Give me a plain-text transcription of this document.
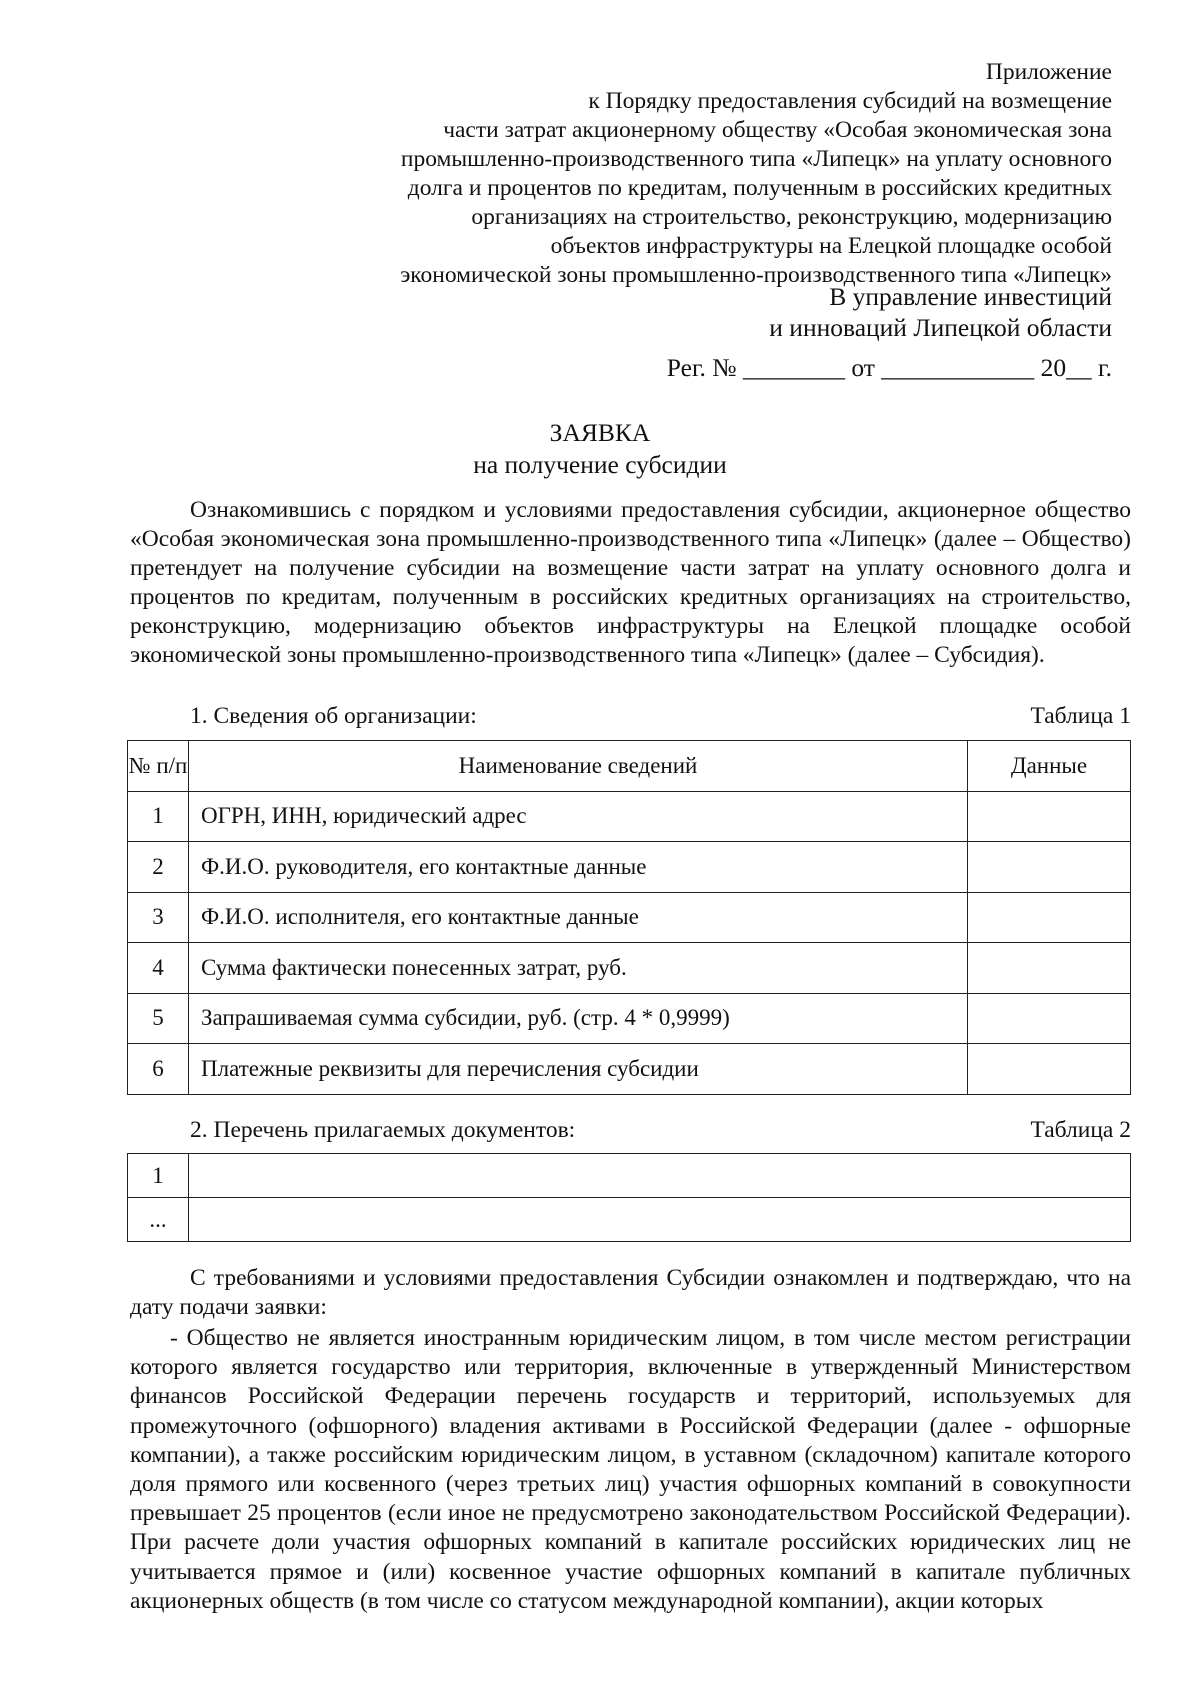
Приложение
к Порядку предоставления субсидий на возмещение
части затрат акционерному обществу «Особая экономическая зона
промышленно-производственного типа «Липецк» на уплату основного
долга и процентов по кредитам, полученным в российских кредитных
организациях на строительство, реконструкцию, модернизацию
объектов инфраструктуры на Елецкой площадке особой
экономической зоны промышленно-производственного типа «Липецк»
В управление инвестиций
и инноваций Липецкой области
Рег. № ________ от ____________ 20__ г.
ЗАЯВКА
на получение субсидии

Ознакомившись с порядком и условиями предоставления субсидии, акционерное общество «Особая экономическая зона промышленно-производственного типа «Липецк» (далее – Общество) претендует на получение субсидии на возмещение части затрат на уплату основного долга и процентов по кредитам, полученным в российских кредитных организациях на строительство, реконструкцию, модернизацию объектов инфраструктуры на Елецкой площадке особой экономической зоны промышленно-производственного типа «Липецк» (далее – Субсидия).

1. Сведения об организации:	Таблица 1
№ п/п	Наименование сведений	Данные
1	ОГРН, ИНН, юридический адрес	
2	Ф.И.О. руководителя, его контактные данные	
3	Ф.И.О. исполнителя, его контактные данные	
4	Сумма фактически понесенных затрат, руб.	
5	Запрашиваемая сумма субсидии, руб. (стр. 4 * 0,9999)	
6	Платежные реквизиты для перечисления субсидии	
2. Перечень прилагаемых документов:	Таблица 2
1	
...	

С требованиями и условиями предоставления Субсидии ознакомлен и подтверждаю, что на дату подачи заявки:

- Общество не является иностранным юридическим лицом, в том числе местом регистрации которого является государство или территория, включенные в утвержденный Министерством финансов Российской Федерации перечень государств и территорий, используемых для промежуточного (офшорного) владения активами в Российской Федерации (далее - офшорные компании), а также российским юридическим лицом, в уставном (складочном) капитале которого доля прямого или косвенного (через третьих лиц) участия офшорных компаний в совокупности превышает 25 процентов (если иное не предусмотрено законодательством Российской Федерации). При расчете доли участия офшорных компаний в капитале российских юридических лиц не учитывается прямое и (или) косвенное участие офшорных компаний в капитале публичных акционерных обществ (в том числе со статусом международной компании), акции которых
